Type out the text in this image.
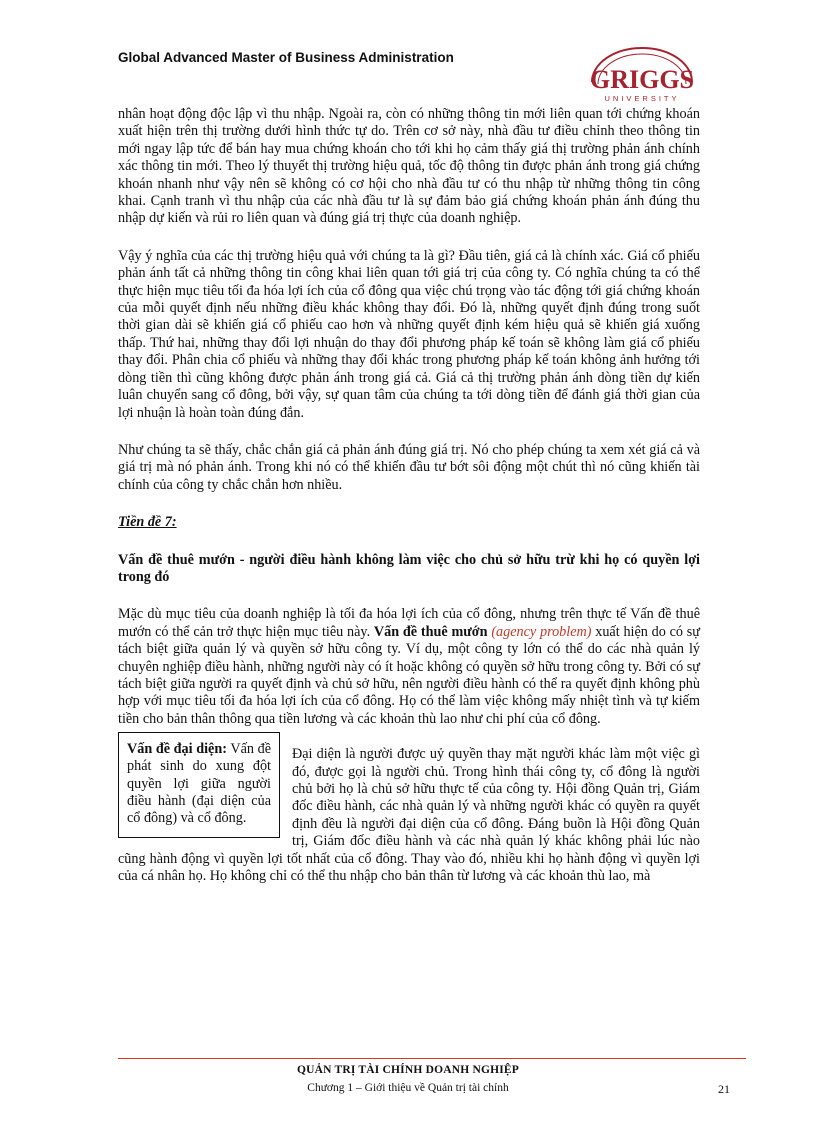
Global Advanced Master of Business Administration
GRIGGS
UNIVERSITY

nhân hoạt động độc lập vì thu nhập. Ngoài ra, còn có những thông tin mới liên quan tới chứng khoán xuất hiện trên thị trường dưới hình thức tự do. Trên cơ sở này, nhà đầu tư điều chỉnh theo thông tin mới ngay lập tức để bán hay mua chứng khoán cho tới khi họ cảm thấy giá thị trường phản ánh chính xác thông tin mới. Theo lý thuyết thị trường hiệu quả, tốc độ thông tin được phản ánh trong giá chứng khoán nhanh như vậy nên sẽ không có cơ hội cho nhà đầu tư có thu nhập từ những thông tin công khai. Cạnh tranh vì thu nhập của các nhà đầu tư là sự đảm bảo giá chứng khoán phản ánh đúng thu nhập dự kiến và rủi ro liên quan và đúng giá trị thực của doanh nghiệp.

Vậy ý nghĩa của các thị trường hiệu quả với chúng ta là gì? Đầu tiên, giá cả là chính xác. Giá cổ phiếu phản ánh tất cả những thông tin công khai liên quan tới giá trị của công ty. Có nghĩa chúng ta có thể thực hiện mục tiêu tối đa hóa lợi ích của cổ đông qua việc chú trọng vào tác động tới giá chứng khoán của mỗi quyết định nếu những điều khác không thay đổi. Đó là, những quyết định đúng trong suốt thời gian dài sẽ khiến giá cổ phiếu cao hơn và những quyết định kém hiệu quả sẽ khiến giá xuống thấp. Thứ hai, những thay đổi lợi nhuận do thay đổi phương pháp kế toán sẽ không làm giá cổ phiếu thay đổi. Phân chia cổ phiếu và những thay đổi khác trong phương pháp kế toán không ảnh hưởng tới dòng tiền thì cũng không được phản ánh trong giá cả. Giá cả thị trường phản ánh dòng tiền dự kiến luân chuyển sang cổ đông, bởi vậy, sự quan tâm của chúng ta tới dòng tiền để đánh giá thời gian của lợi nhuận là hoàn toàn đúng đắn.

Như chúng ta sẽ thấy, chắc chắn giá cả phản ánh đúng giá trị. Nó cho phép chúng ta xem xét giá cả và giá trị mà nó phản ánh. Trong khi nó có thể khiến đầu tư bớt sôi động một chút thì nó cũng khiến tài chính của công ty chắc chắn hơn nhiều.

Tiền đề 7:
Vấn đề thuê mướn - người điều hành không làm việc cho chủ sở hữu trừ khi họ có quyền lợi trong đó

Mặc dù mục tiêu của doanh nghiệp là tối đa hóa lợi ích của cổ đông, nhưng trên thực tế Vấn đề thuê mướn có thể cản trở thực hiện mục tiêu này. Vấn đề thuê mướn (agency problem) xuất hiện do có sự tách biệt giữa quản lý và quyền sở hữu công ty. Ví dụ, một công ty lớn có thể do các nhà quản lý chuyên nghiệp điều hành, những người này có ít hoặc không có quyền sở hữu trong công ty. Bởi có sự tách biệt giữa người ra quyết định và chủ sở hữu, nên người điều hành có thể ra quyết định không phù hợp với mục tiêu tối đa hóa lợi ích của cổ đông. Họ có thể làm việc không mấy nhiệt tình và tự kiếm tiền cho bản thân thông qua tiền lương và các khoản thù lao như chi phí của cổ đông.

Vấn đề đại diện: Vấn đề phát sinh do xung đột quyền lợi giữa người điều hành (đại diện của cổ đông) và cổ đông.

Đại diện là người được uỷ quyền thay mặt người khác làm một việc gì đó, được gọi là người chủ. Trong hình thái công ty, cổ đông là người chủ bởi họ là chủ sở hữu thực tế của công ty. Hội đồng Quản trị, Giám đốc điều hành, các nhà quản lý và những người khác có quyền ra quyết định đều là người đại diện của cổ đông. Đáng buồn là Hội đồng Quản trị, Giám đốc điều hành và các nhà quản lý khác không phải lúc nào cũng hành động vì quyền lợi tốt nhất của cổ đông. Thay vào đó, nhiều khi họ hành động vì quyền lợi của cá nhân họ. Họ không chỉ có thể thu nhập cho bản thân từ lương và các khoản thù lao, mà

QUẢN TRỊ TÀI CHÍNH DOANH NGHIỆP
Chương 1 – Giới thiệu về Quản trị tài chính	21
